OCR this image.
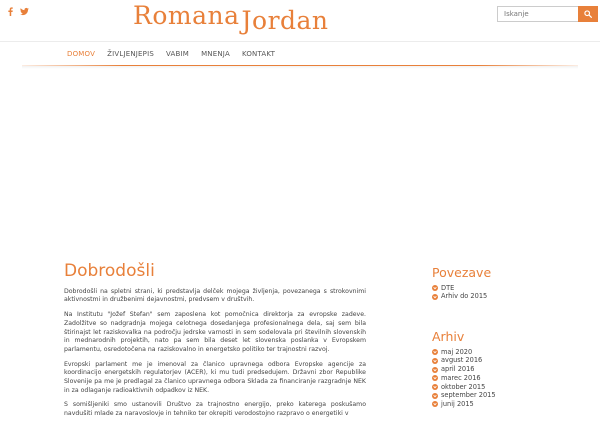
RomanaJordan
Iskanje
DOMOV ŽIVLJENJEPIS VABIM MNENJA KONTAKT
Dobrodošli

Dobrodošli na spletni strani, ki predstavlja delček mojega življenja, povezanega s strokovnimi aktivnostmi in družbenimi dejavnostmi, predvsem v društvih.

Na Institutu "Jožef Stefan" sem zaposlena kot pomočnica direktorja za evropske zadeve. Zadolžitve so nadgradnja mojega celotnega dosedanjega profesionalnega dela, saj sem bila štirinajst let raziskovalka na področju jedrske varnosti in sem sodelovala pri številnih slovenskih in mednarodnih projektih, nato pa sem bila deset let slovenska poslanka v Evropskem parlamentu, osredotočena na raziskovalno in energetsko politiko ter trajnostni razvoj.

Evropski parlament me je imenoval za članico upravnega odbora Evropske agencije za koordinacijo energetskih regulatorjev (ACER), ki mu tudi predsedujem. Državni zbor Republike Slovenije pa me je predlagal za članico upravnega odbora Sklada za financiranje razgradnje NEK in za odlaganje radioaktivnih odpadkov iz NEK.

S somišljeniki smo ustanovili Društvo za trajnostno energijo, preko katerega poskušamo navdušiti mlade za naravoslovje in tehniko ter okrepiti verodostojno razpravo o energetiki v

Povezave
DTE
Arhiv do 2015
Arhiv
maj 2020
avgust 2016
april 2016
marec 2016
oktober 2015
september 2015
junij 2015
